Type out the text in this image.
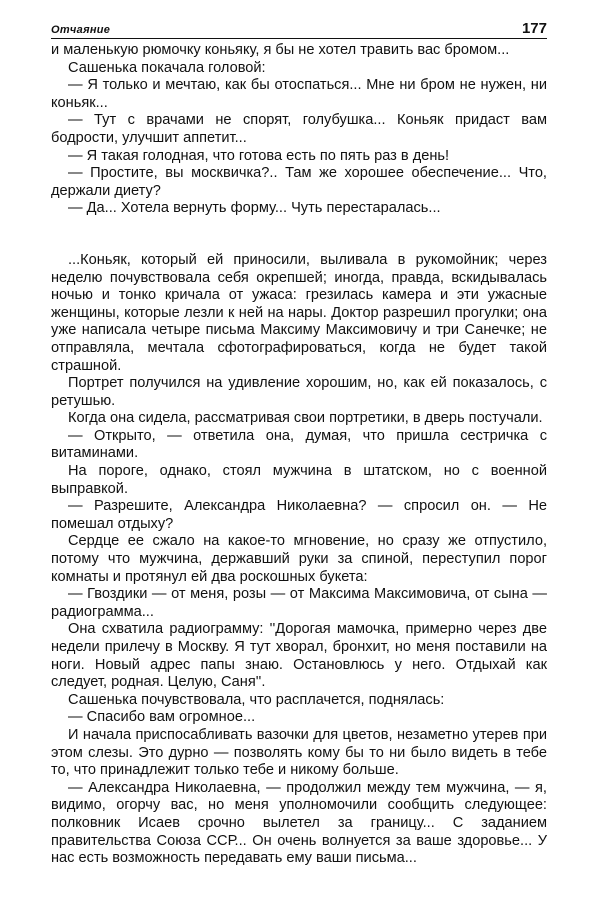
Отчаяние	177

и маленькую рюмочку коньяку, я бы не хотел травить вас бромом...

Сашенька покачала головой:

— Я только и мечтаю, как бы отоспаться... Мне ни бром не нужен, ни коньяк...

— Тут с врачами не спорят, голубушка... Коньяк придаст вам бодрости, улучшит аппетит...

— Я такая голодная, что готова есть по пять раз в день!

— Простите, вы москвичка?.. Там же хорошее обеспечение... Что, держали диету?

— Да... Хотела вернуть форму... Чуть перестаралась...

...Коньяк, который ей приносили, выливала в рукомойник; через неделю почувствовала себя окрепшей; иногда, правда, вскидывалась ночью и тонко кричала от ужаса: грезилась камера и эти ужасные женщины, которые лезли к ней на нары. Доктор разрешил прогулки; она уже написала четыре письма Максиму Максимовичу и три Санечке; не отправляла, мечтала сфотографироваться, когда не будет такой страшной.

Портрет получился на удивление хорошим, но, как ей показалось, с ретушью.

Когда она сидела, рассматривая свои портретики, в дверь постучали.

— Открыто, — ответила она, думая, что пришла сестричка с витаминами.

На пороге, однако, стоял мужчина в штатском, но с военной выправкой.

— Разрешите, Александра Николаевна? — спросил он. — Не помешал отдыху?

Сердце ее сжало на какое-то мгновение, но сразу же отпустило, потому что мужчина, державший руки за спиной, переступил порог комнаты и протянул ей два роскошных букета:

— Гвоздики — от меня, розы — от Максима Максимовича, от сына — радиограмма...

Она схватила радиограмму: ''Дорогая мамочка, примерно через две недели прилечу в Москву. Я тут хворал, бронхит, но меня поставили на ноги. Новый адрес папы знаю. Остановлюсь у него. Отдыхай как следует, родная. Целую, Саня''.

Сашенька почувствовала, что расплачется, поднялась:

— Спасибо вам огромное...

И начала приспосабливать вазочки для цветов, незаметно утерев при этом слезы. Это дурно — позволять кому бы то ни было видеть в тебе то, что принадлежит только тебе и никому больше.

— Александра Николаевна, — продолжил между тем мужчина, — я, видимо, огорчу вас, но меня уполномочили сообщить следующее: полковник Исаев срочно вылетел за границу... С заданием правительства Союза ССР... Он очень волнуется за ваше здоровье... У нас есть возможность передавать ему ваши письма...
